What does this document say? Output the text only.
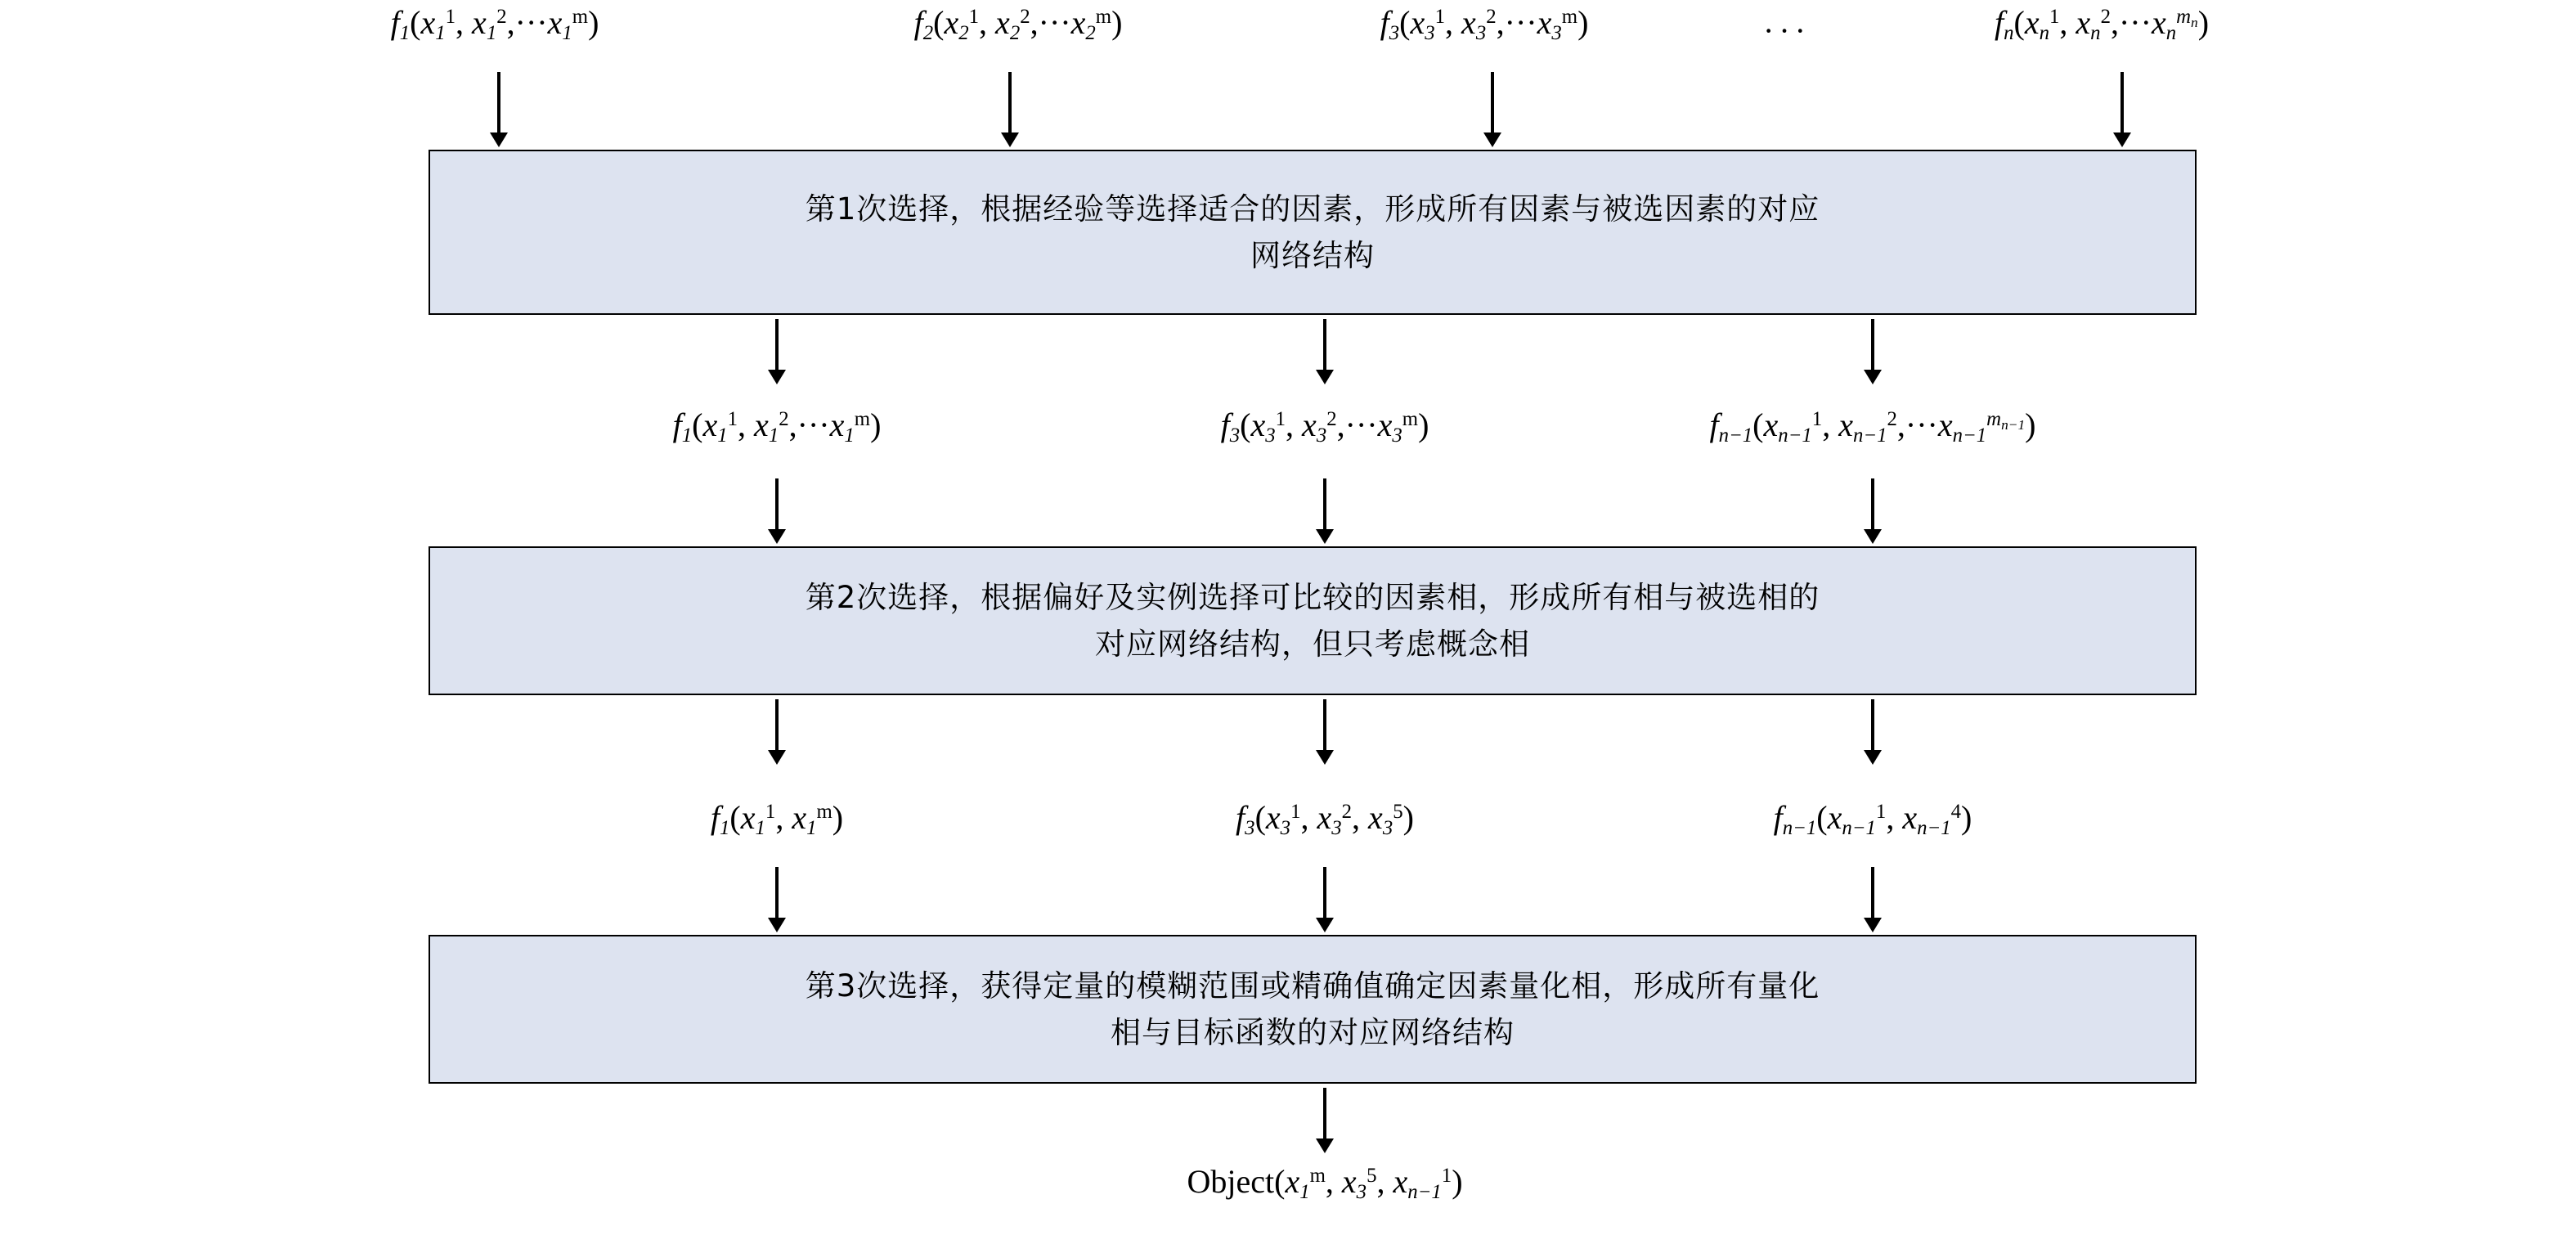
$f_1(x_1^1$, $x_1^2,\cdot\cdot\cdot x_1^m$)	$f_2(x_2^1$, $x_2^2,\cdot\cdot\cdot x_2^m$)	$f_3(x_3^1$, $x_3^2,\cdot\cdot\cdot x_3^m$)	···	$f_n(x_n^1$, $x_n^2,\cdot\cdot\cdot x_n^{m_n}$)
第1次选择，根据经验等选择适合的因素，形成所有因素与被选因素的对应
网络结构
$f_1(x_1^1$, $x_1^2,\cdot\cdot\cdot x_1^m$)	$f_3(x_3^1$, $x_3^2,\cdot\cdot\cdot x_3^m$)	$f_{n-1}(x_{n-1}^1$, $x_{n-1}^2,\cdot\cdot\cdot x_{n-1}^{m_{n-1}}$)
第2次选择，根据偏好及实例选择可比较的因素相，形成所有相与被选相的
对应网络结构，但只考虑概念相
$f_1(x_1^1$, $x_1^m$)	$f_3(x_3^1$, $x_3^2$, $x_3^5$)	$f_{n-1}(x_{n-1}^1$, $x_{n-1}^4$)
第3次选择，获得定量的模糊范围或精确值确定因素量化相，形成所有量化
相与目标函数的对应网络结构
$Object(x_1^m$, $x_3^5$, $x_{n-1}^1$)
